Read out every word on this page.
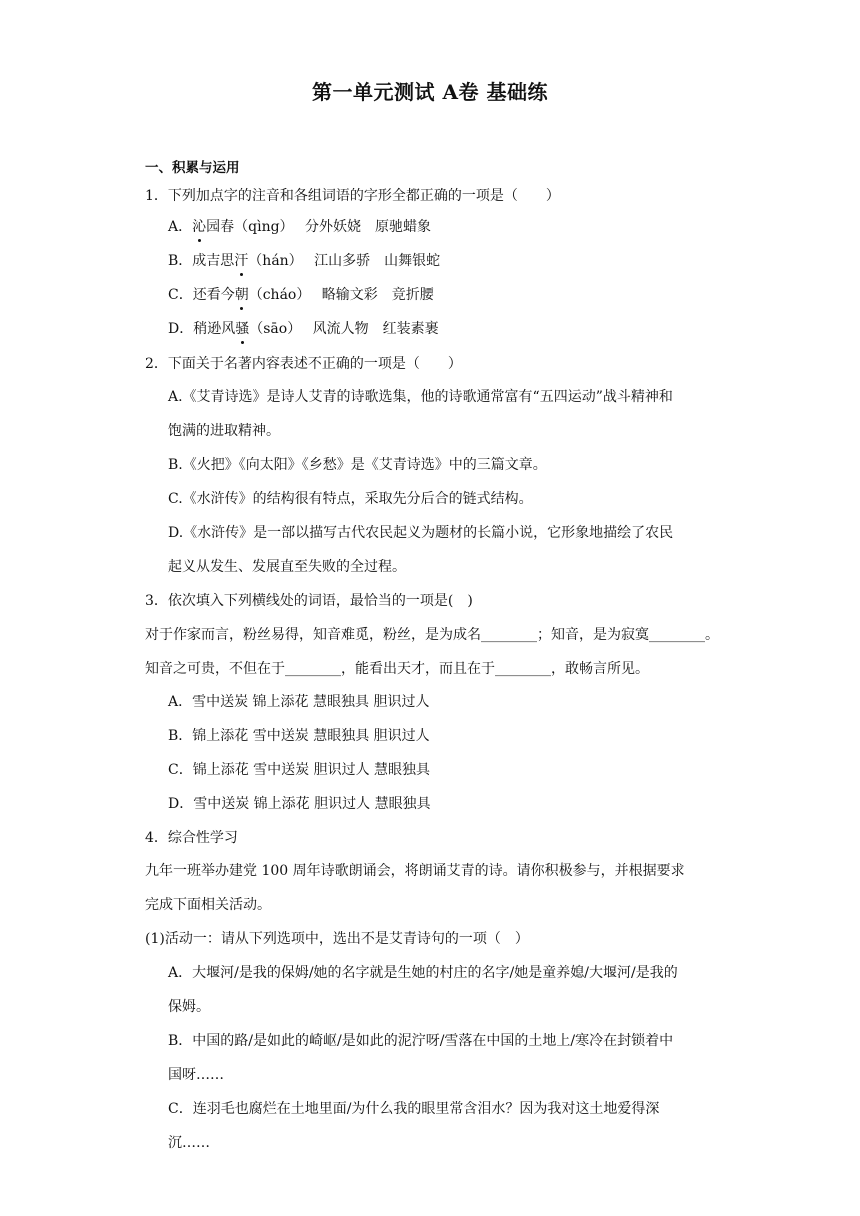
第一单元测试 A卷 基础练
一、积累与运用
1．下列加点字的注音和各组词语的字形全都正确的一项是（　　）
A．沁园春（qìng）　 分外妖娆　原驰蜡象
B．成吉思汗（hán）　 江山多骄　山舞银蛇
C．还看今朝（cháo）　 略输文彩　竞折腰
D．稍逊风骚（sāo）　 风流人物　红装素裹
2．下面关于名著内容表述不正确的一项是（　　）
A.《艾青诗选》是诗人艾青的诗歌选集，他的诗歌通常富有“五四运动”战斗精神和
饱满的进取精神。
B.《火把》《向太阳》《乡愁》是《艾青诗选》中的三篇文章。
C.《水浒传》的结构很有特点，采取先分后合的链式结构。
D.《水浒传》是一部以描写古代农民起义为题材的长篇小说，它形象地描绘了农民
起义从发生、发展直至失败的全过程。
3．依次填入下列横线处的词语，最恰当的一项是(　)
对于作家而言，粉丝易得，知音难觅，粉丝，是为成名________；知音，是为寂寞________。
知音之可贵，不但在于________，能看出天才，而且在于________，敢畅言所见。
A．雪中送炭 锦上添花 慧眼独具 胆识过人
B．锦上添花 雪中送炭 慧眼独具 胆识过人
C．锦上添花 雪中送炭 胆识过人 慧眼独具
D．雪中送炭 锦上添花 胆识过人 慧眼独具
4．综合性学习
九年一班举办建党 100 周年诗歌朗诵会，将朗诵艾青的诗。请你积极参与，并根据要求
完成下面相关活动。
(1)活动一：请从下列选项中，选出不是艾青诗句的一项（　）
A．大堰河/是我的保姆/她的名字就是生她的村庄的名字/她是童养媳/大堰河/是我的
保姆。
B．中国的路/是如此的崎岖/是如此的泥泞呀/雪落在中国的土地上/寒冷在封锁着中
国呀……
C．连羽毛也腐烂在土地里面/为什么我的眼里常含泪水？因为我对这土地爱得深
沉……
